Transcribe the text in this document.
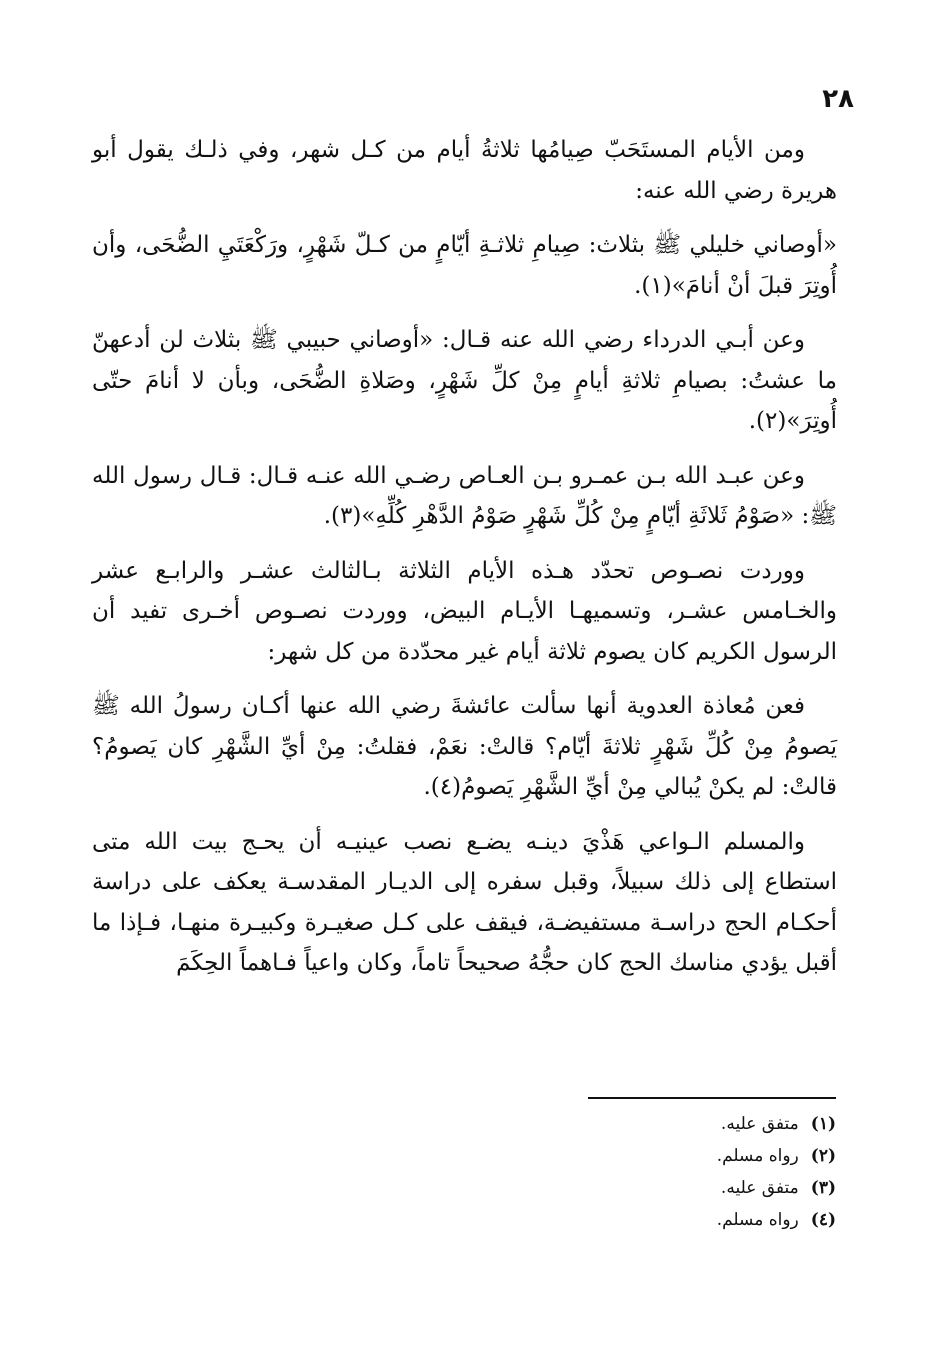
٢٨

ومن الأيام المستَحَبّ صِيامُها ثلاثةُ أيام من كـل شهر، وفي ذلـك يقول أبو هريرة رضي الله عنه:

«أوصاني خليلي ﷺ بثلاث: صِيامِ ثلاثـةِ أيّامٍ من كـلّ شَهْرٍ، ورَكْعَتَيِ الضُّحَى، وأن أُوتِرَ قبلَ أنْ أنامَ»(١).

وعن أبـي الدرداء رضي الله عنه قـال: «أوصاني حبيبي ﷺ بثلاث لن أدعهنّ ما عشتُ: بصيامِ ثلاثةِ أيامٍ مِنْ كلِّ شَهْرٍ، وصَلاةِ الضُّحَى، وبأن لا أنامَ حتّى أُوتِرَ»(٢).

وعن عبـد الله بـن عمـرو بـن العـاص رضـي الله عنـه قـال: قـال رسول الله ﷺ: «صَوْمُ ثَلاثَةِ أيّامٍ مِنْ كُلِّ شَهْرٍ صَوْمُ الدَّهْرِ كُلِّهِ»(٣).

ووردت نصـوص تحدّد هـذه الأيام الثلاثة بـالثالث عشـر والرابـع عشر والخـامس عشـر، وتسميهـا الأيـام البيض، ووردت نصـوص أخـرى تفيد أن الرسول الكريم كان يصوم ثلاثة أيام غير محدّدة من كل شهر:

فعن مُعاذة العدوية أنها سألت عائشةَ رضي الله عنها أكـان رسولُ الله ﷺ يَصومُ مِنْ كُلِّ شَهْرٍ ثلاثةَ أيّام؟ قالتْ: نعَمْ، فقلتُ: مِنْ أيِّ الشَّهْرِ كان يَصومُ؟ قالتْ: لم يكنْ يُبالي مِنْ أيِّ الشَّهْرِ يَصومُ(٤).

والمسلم الـواعي هَذْيَ دينـه يضـع نصب عينيـه أن يحـج بيت الله متى استطاع إلى ذلك سبيلاً، وقبل سفره إلى الديـار المقدسـة يعكف على دراسة أحكـام الحج دراسـة مستفيضـة، فيقف على كـل صغيـرة وكبيـرة منهـا، فـإذا ما أقبل يؤدي مناسك الحج كان حجُّهُ صحيحاً تاماً، وكان واعياً فـاهماً الحِكَمَ

(١)متفق عليه.
(٢)رواه مسلم.
(٣)متفق عليه.
(٤)رواه مسلم.
